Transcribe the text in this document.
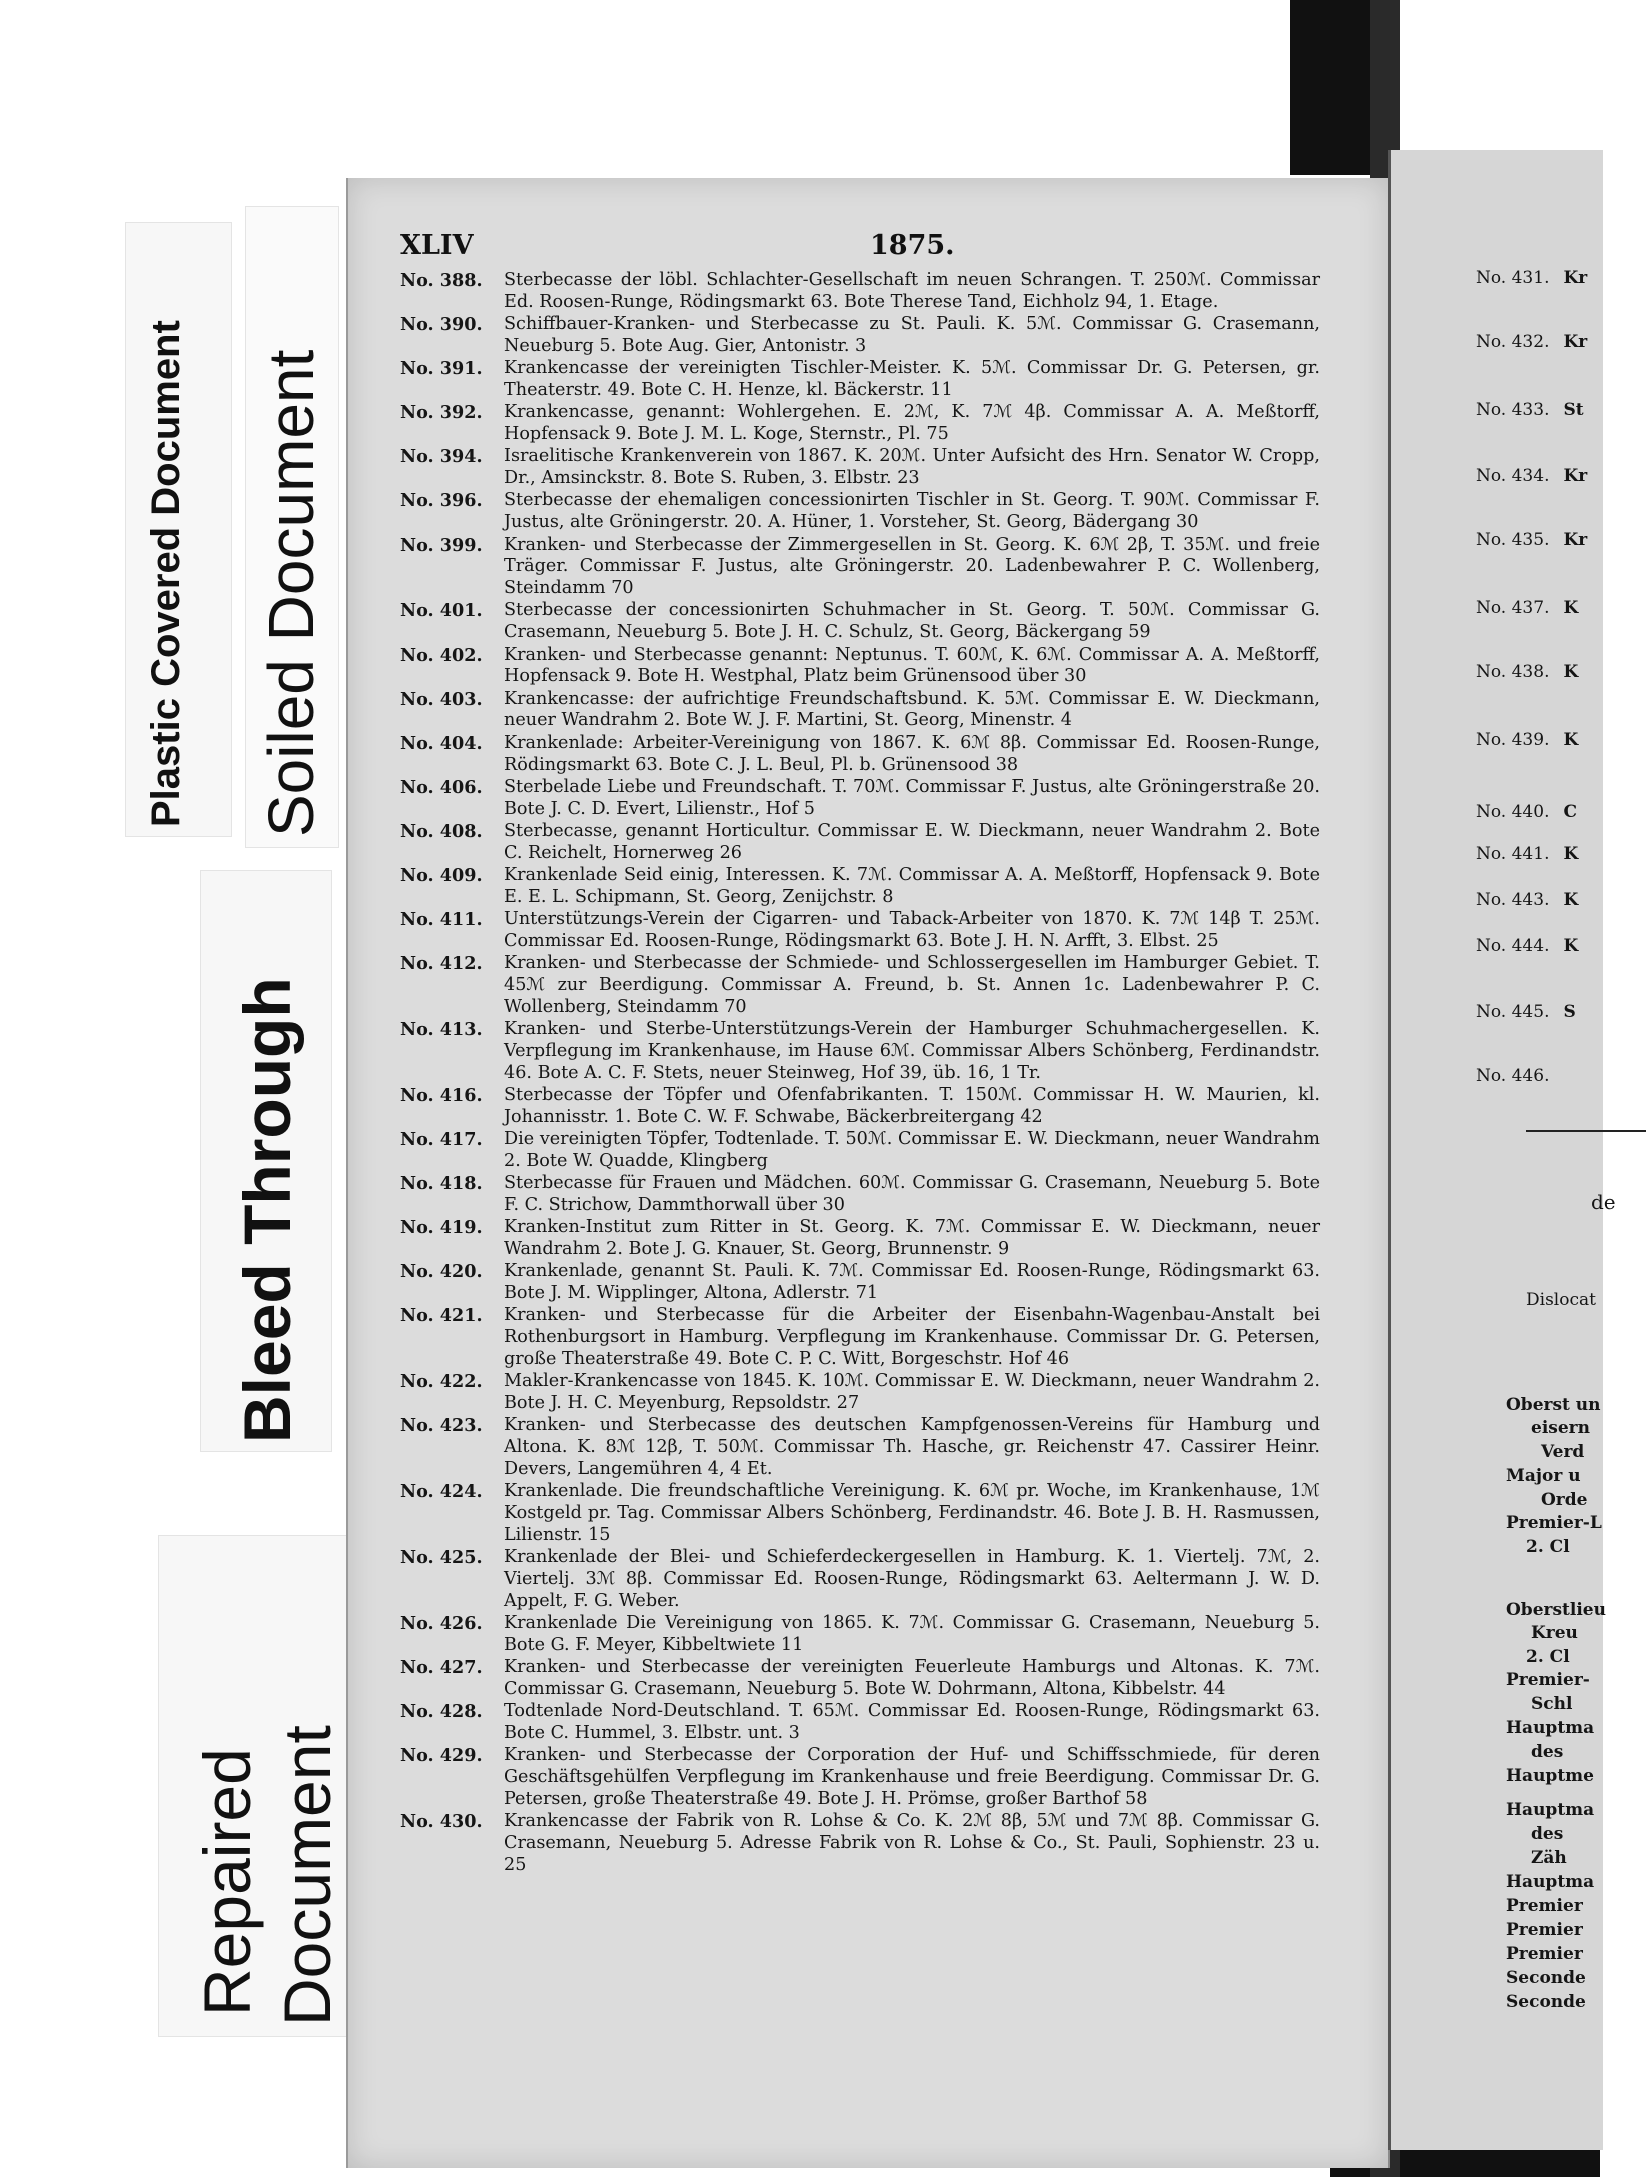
Plastic Covered Document Soiled Document
Bleed Through
Repaired Document
XLIV	1875.
No. 388.	Sterbecasse der löbl. Schlachter-Gesellschaft im neuen Schrangen. T. 250ℳ. Commissar Ed. Roosen-Runge, Rödingsmarkt 63. Bote Therese Tand, Eichholz 94, 1. Etage.
No. 390.	Schiffbauer-Kranken- und Sterbecasse zu St. Pauli. K. 5ℳ. Commissar G. Crasemann, Neueburg 5. Bote Aug. Gier, Antonistr. 3
No. 391.	Krankencasse der vereinigten Tischler-Meister. K. 5ℳ. Commissar Dr. G. Petersen, gr. Theaterstr. 49. Bote C. H. Henze, kl. Bäckerstr. 11
No. 392.	Krankencasse, genannt: Wohlergehen. E. 2ℳ, K. 7ℳ 4β. Commissar A. A. Meßtorff, Hopfensack 9. Bote J. M. L. Koge, Sternstr., Pl. 75
No. 394.	Israelitische Krankenverein von 1867. K. 20ℳ. Unter Aufsicht des Hrn. Senator W. Cropp, Dr., Amsinckstr. 8. Bote S. Ruben, 3. Elbstr. 23
No. 396.	Sterbecasse der ehemaligen concessionirten Tischler in St. Georg. T. 90ℳ. Commissar F. Justus, alte Gröningerstr. 20. A. Hüner, 1. Vorsteher, St. Georg, Bädergang 30
No. 399.	Kranken- und Sterbecasse der Zimmergesellen in St. Georg. K. 6ℳ 2β, T. 35ℳ. und freie Träger. Commissar F. Justus, alte Gröningerstr. 20. Ladenbewahrer P. C. Wollenberg, Steindamm 70
No. 401.	Sterbecasse der concessionirten Schuhmacher in St. Georg. T. 50ℳ. Commissar G. Crasemann, Neueburg 5. Bote J. H. C. Schulz, St. Georg, Bäckergang 59
No. 402.	Kranken- und Sterbecasse genannt: Neptunus. T. 60ℳ, K. 6ℳ. Commissar A. A. Meßtorff, Hopfensack 9. Bote H. Westphal, Platz beim Grünensood über 30
No. 403.	Krankencasse: der aufrichtige Freundschaftsbund. K. 5ℳ. Commissar E. W. Dieckmann, neuer Wandrahm 2. Bote W. J. F. Martini, St. Georg, Minenstr. 4
No. 404.	Krankenlade: Arbeiter-Vereinigung von 1867. K. 6ℳ 8β. Commissar Ed. Roosen-Runge, Rödingsmarkt 63. Bote C. J. L. Beul, Pl. b. Grünensood 38
No. 406.	Sterbelade Liebe und Freundschaft. T. 70ℳ. Commissar F. Justus, alte Gröningerstraße 20. Bote J. C. D. Evert, Lilienstr., Hof 5
No. 408.	Sterbecasse, genannt Horticultur. Commissar E. W. Dieckmann, neuer Wandrahm 2. Bote C. Reichelt, Hornerweg 26
No. 409.	Krankenlade Seid einig, Interessen. K. 7ℳ. Commissar A. A. Meßtorff, Hopfensack 9. Bote E. E. L. Schipmann, St. Georg, Zenijchstr. 8
No. 411.	Unterstützungs-Verein der Cigarren- und Taback-Arbeiter von 1870. K. 7ℳ 14β T. 25ℳ. Commissar Ed. Roosen-Runge, Rödingsmarkt 63. Bote J. H. N. Arfft, 3. Elbst. 25
No. 412.	Kranken- und Sterbecasse der Schmiede- und Schlossergesellen im Hamburger Gebiet. T. 45ℳ zur Beerdigung. Commissar A. Freund, b. St. Annen 1c. Ladenbewahrer P. C. Wollenberg, Steindamm 70
No. 413.	Kranken- und Sterbe-Unterstützungs-Verein der Hamburger Schuhmachergesellen. K. Verpflegung im Krankenhause, im Hause 6ℳ. Commissar Albers Schönberg, Ferdinandstr. 46. Bote A. C. F. Stets, neuer Steinweg, Hof 39, üb. 16, 1 Tr.
No. 416.	Sterbecasse der Töpfer und Ofenfabrikanten. T. 150ℳ. Commissar H. W. Maurien, kl. Johannisstr. 1. Bote C. W. F. Schwabe, Bäckerbreitergang 42
No. 417.	Die vereinigten Töpfer, Todtenlade. T. 50ℳ. Commissar E. W. Dieckmann, neuer Wandrahm 2. Bote W. Quadde, Klingberg
No. 418.	Sterbecasse für Frauen und Mädchen. 60ℳ. Commissar G. Crasemann, Neueburg 5. Bote F. C. Strichow, Dammthorwall über 30
No. 419.	Kranken-Institut zum Ritter in St. Georg. K. 7ℳ. Commissar E. W. Dieckmann, neuer Wandrahm 2. Bote J. G. Knauer, St. Georg, Brunnenstr. 9
No. 420.	Krankenlade, genannt St. Pauli. K. 7ℳ. Commissar Ed. Roosen-Runge, Rödingsmarkt 63. Bote J. M. Wipplinger, Altona, Adlerstr. 71
No. 421.	Kranken- und Sterbecasse für die Arbeiter der Eisenbahn-Wagenbau-Anstalt bei Rothenburgsort in Hamburg. Verpflegung im Krankenhause. Commissar Dr. G. Petersen, große Theaterstraße 49. Bote C. P. C. Witt, Borgeschstr. Hof 46
No. 422.	Makler-Krankencasse von 1845. K. 10ℳ. Commissar E. W. Dieckmann, neuer Wandrahm 2. Bote J. H. C. Meyenburg, Repsoldstr. 27
No. 423.	Kranken- und Sterbecasse des deutschen Kampfgenossen-Vereins für Hamburg und Altona. K. 8ℳ 12β, T. 50ℳ. Commissar Th. Hasche, gr. Reichenstr 47. Cassirer Heinr. Devers, Langemühren 4, 4 Et.
No. 424.	Krankenlade. Die freundschaftliche Vereinigung. K. 6ℳ pr. Woche, im Krankenhause, 1ℳ Kostgeld pr. Tag. Commissar Albers Schönberg, Ferdinandstr. 46. Bote J. B. H. Rasmussen, Lilienstr. 15
No. 425.	Krankenlade der Blei- und Schieferdeckergesellen in Hamburg. K. 1. Viertelj. 7ℳ, 2. Viertelj. 3ℳ 8β. Commissar Ed. Roosen-Runge, Rödingsmarkt 63. Aeltermann J. W. D. Appelt, F. G. Weber.
No. 426.	Krankenlade Die Vereinigung von 1865. K. 7ℳ. Commissar G. Crasemann, Neueburg 5. Bote G. F. Meyer, Kibbeltwiete 11
No. 427.	Kranken- und Sterbecasse der vereinigten Feuerleute Hamburgs und Altonas. K. 7ℳ. Commissar G. Crasemann, Neueburg 5. Bote W. Dohrmann, Altona, Kibbelstr. 44
No. 428.	Todtenlade Nord-Deutschland. T. 65ℳ. Commissar Ed. Roosen-Runge, Rödingsmarkt 63. Bote C. Hummel, 3. Elbstr. unt. 3
No. 429.	Kranken- und Sterbecasse der Corporation der Huf- und Schiffsschmiede, für deren Geschäftsgehülfen Verpflegung im Krankenhause und freie Beerdigung. Commissar Dr. G. Petersen, große Theaterstraße 49. Bote J. H. Prömse, großer Barthof 58
No. 430.	Krankencasse der Fabrik von R. Lohse & Co. K. 2ℳ 8β, 5ℳ und 7ℳ 8β. Commissar G. Crasemann, Neueburg 5. Adresse Fabrik von R. Lohse & Co., St. Pauli, Sophienstr. 23 u. 25
de
Dislocat
No. 431. Kr
No. 432. Kr
No. 433. St
No. 434. Kr
No. 435. Kr
No. 437. K
No. 438. K
No. 439. K
No. 440. C
No. 441. K
No. 443. K
No. 444. K
No. 445. S
No. 446.
Oberst un
eisern
Verd
Major u
Orde
Premier-L
2. Cl
Oberstlieu
Kreu
2. Cl
Premier-
Schl
Hauptma
des
Hauptme
Hauptma
des
Zäh
Hauptma
Premier
Premier
Premier
Seconde
Seconde
